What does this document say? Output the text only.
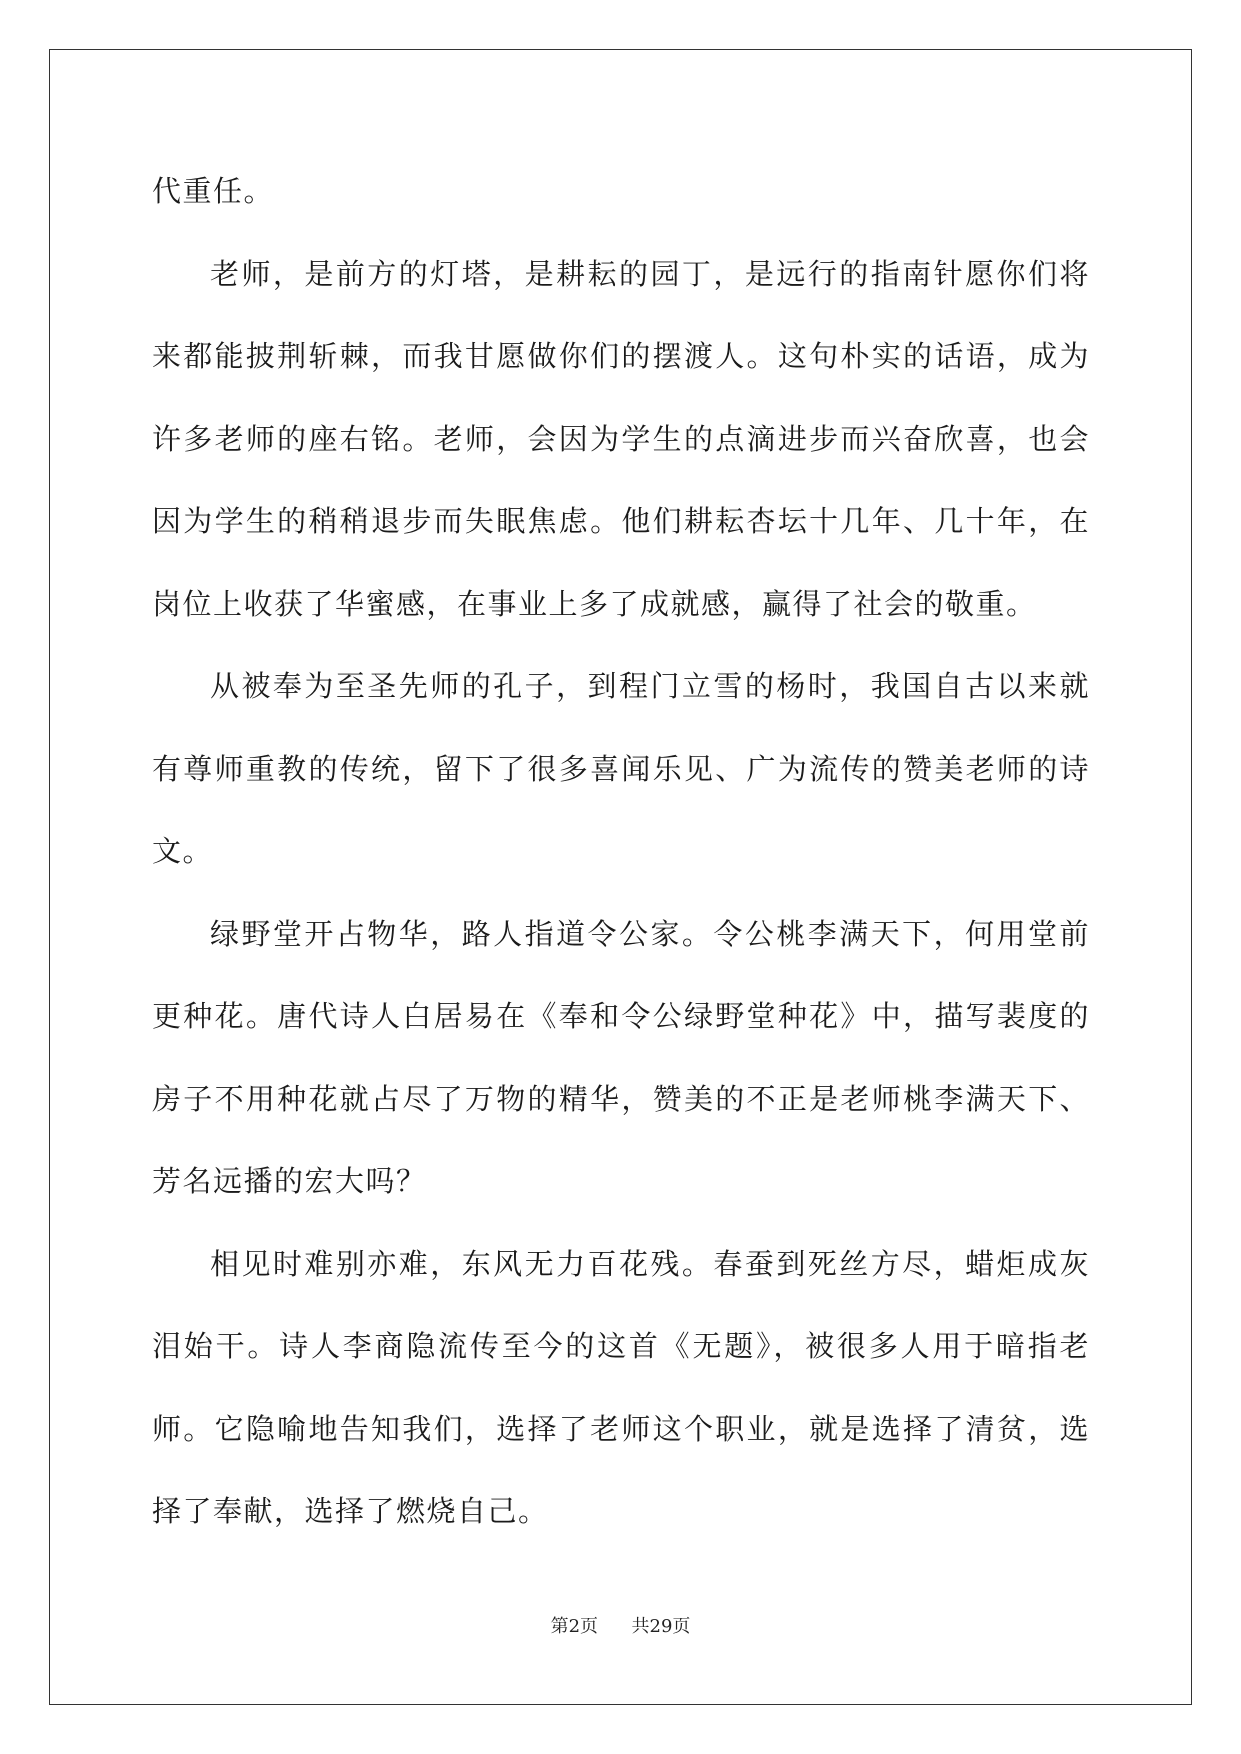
代重任。

老师，是前方的灯塔，是耕耘的园丁，是远行的指南针愿你们将来都能披荆斩棘，而我甘愿做你们的摆渡人。这句朴实的话语，成为许多老师的座右铭。老师，会因为学生的点滴进步而兴奋欣喜，也会因为学生的稍稍退步而失眠焦虑。他们耕耘杏坛十几年、几十年，在岗位上收获了华蜜感，在事业上多了成就感，赢得了社会的敬重。

从被奉为至圣先师的孔子，到程门立雪的杨时，我国自古以来就有尊师重教的传统，留下了很多喜闻乐见、广为流传的赞美老师的诗文。

绿野堂开占物华，路人指道令公家。令公桃李满天下，何用堂前更种花。唐代诗人白居易在《奉和令公绿野堂种花》中，描写裴度的房子不用种花就占尽了万物的精华，赞美的不正是老师桃李满天下、芳名远播的宏大吗？

相见时难别亦难，东风无力百花残。春蚕到死丝方尽，蜡炬成灰泪始干。诗人李商隐流传至今的这首《无题》，被很多人用于暗指老师。它隐喻地告知我们，选择了老师这个职业，就是选择了清贫，选择了奉献，选择了燃烧自己。

第2页 共29页
